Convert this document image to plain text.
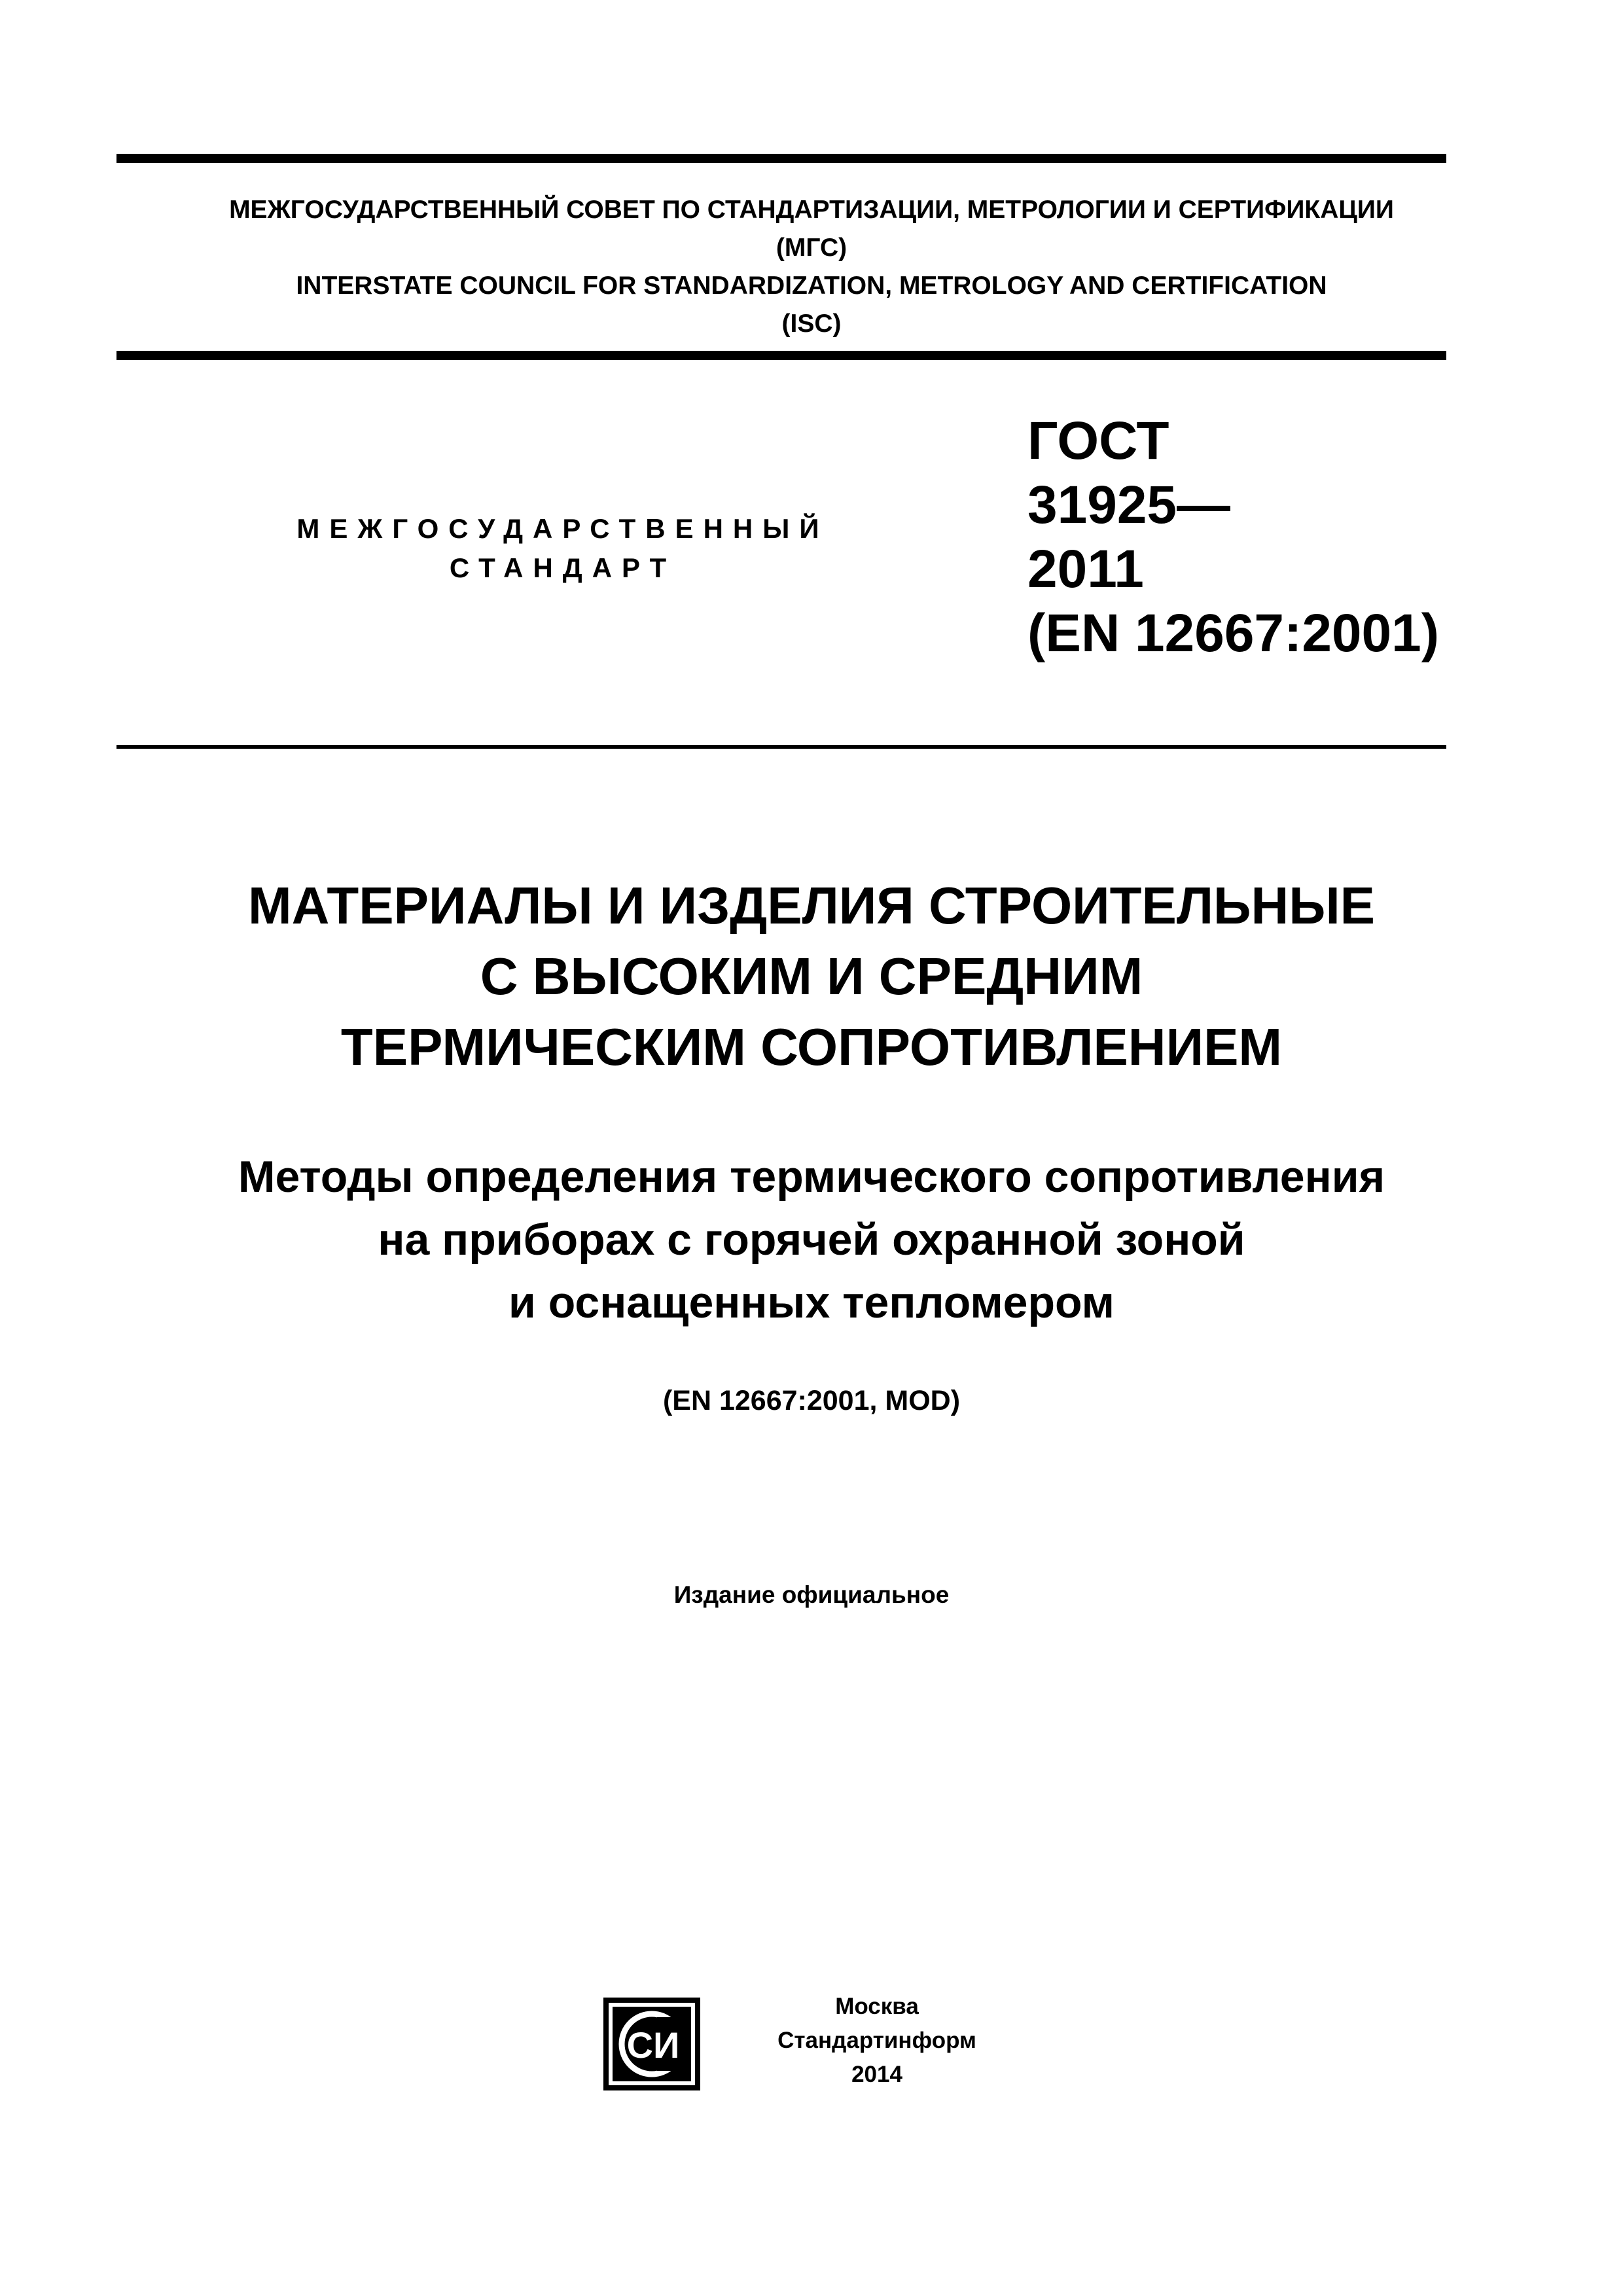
МЕЖГОСУДАРСТВЕННЫЙ СОВЕТ ПО СТАНДАРТИЗАЦИИ, МЕТРОЛОГИИ И СЕРТИФИКАЦИИ
(МГС)
INTERSTATE COUNCIL FOR STANDARDIZATION, METROLOGY AND CERTIFICATION
(ISC)
МЕЖГОСУДАРСТВЕННЫЙ
СТАНДАРТ
ГОСТ
31925—
2011
(EN 12667:2001)
МАТЕРИАЛЫ И ИЗДЕЛИЯ СТРОИТЕЛЬНЫЕ
С ВЫСОКИМ И СРЕДНИМ
ТЕРМИЧЕСКИМ СОПРОТИВЛЕНИЕМ
Методы определения термического сопротивления
на приборах с горячей охранной зоной
и оснащенных тепломером
(EN 12667:2001, MOD)
Издание официальное
СИ
Москва
Стандартинформ
2014
